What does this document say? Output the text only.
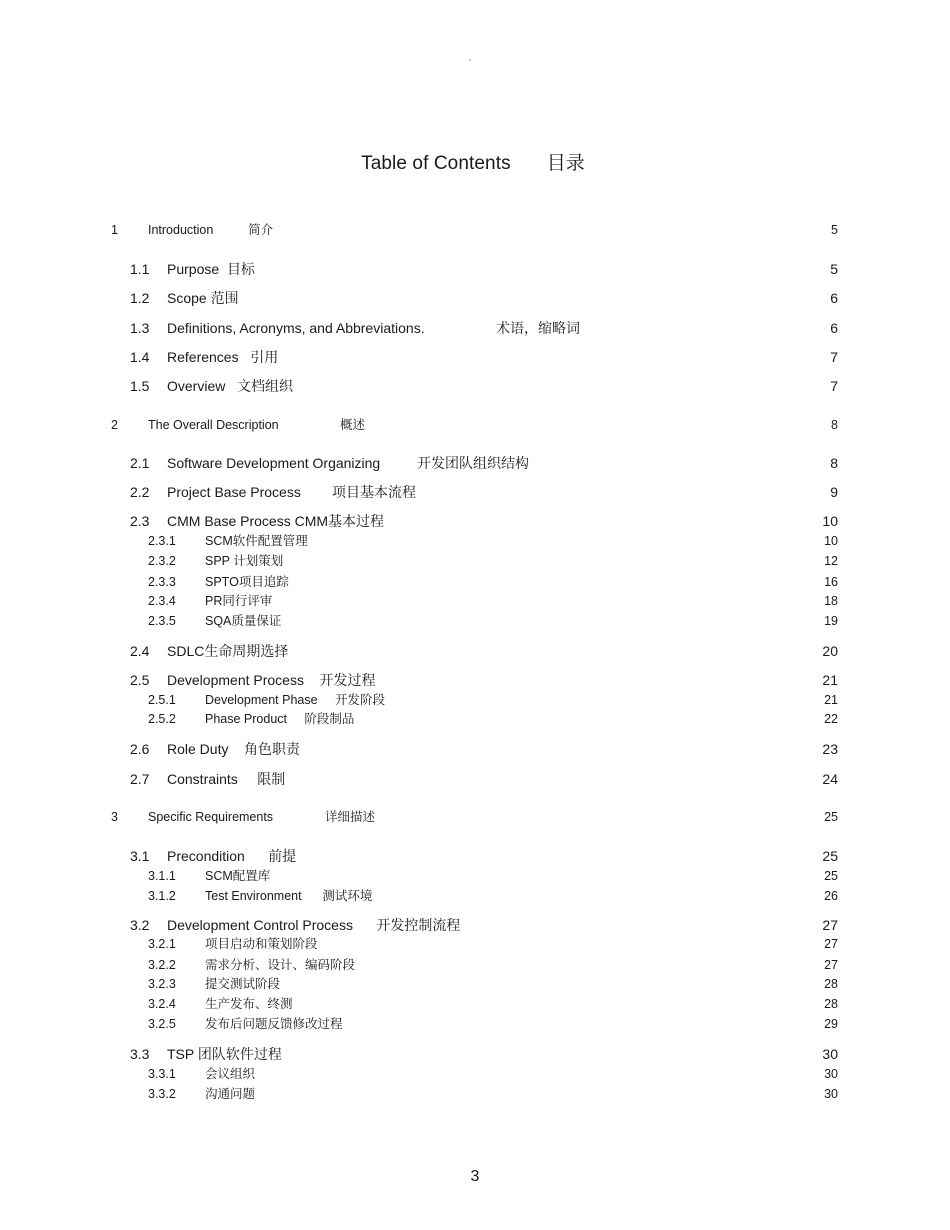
"
Table of Contents 目录
1 Introduction	简介	5
1.1 Purpose 目标	5
1.2 Scope 范围	6
1.3 Definitions, Acronyms, and Abbreviations.	术语，缩略词	6
1.4 References 引用	7
1.5 Overview 文档组织	7
2 The Overall Description	概述	8
2.1 Software Development Organizing	开发团队组织结构	8
2.2 Project Base Process 项目基本流程	9
2.3 CMM Base Process CMM基本过程	10
2.3.1 SCM软件配置管理	10
2.3.2 SPP 计划策划	12
2.3.3 SPTO项目追踪	16
2.3.4 PR同行评审	18
2.3.5 SQA质量保证	19
2.4 SDLC生命周期选择	20
2.5 Development Process 开发过程	21
2.5.1 Development Phase 开发阶段	21
2.5.2 Phase Product 阶段制品	22
2.6 Role Duty 角色职责	23
2.7 Constraints 限制	24
3 Specific Requirements	详细描述	25
3.1 Precondition 前提	25
3.1.1 SCM配置库	25
3.1.2 Test Environment 测试环境	26
3.2 Development Control Process 开发控制流程	27
3.2.1 项目启动和策划阶段	27
3.2.2 需求分析、设计、编码阶段	27
3.2.3 提交测试阶段	28
3.2.4 生产发布、终测	28
3.2.5 发布后问题反馈修改过程	29
3.3 TSP 团队软件过程	30
3.3.1 会议组织	30
3.3.2 沟通问题	30
3
